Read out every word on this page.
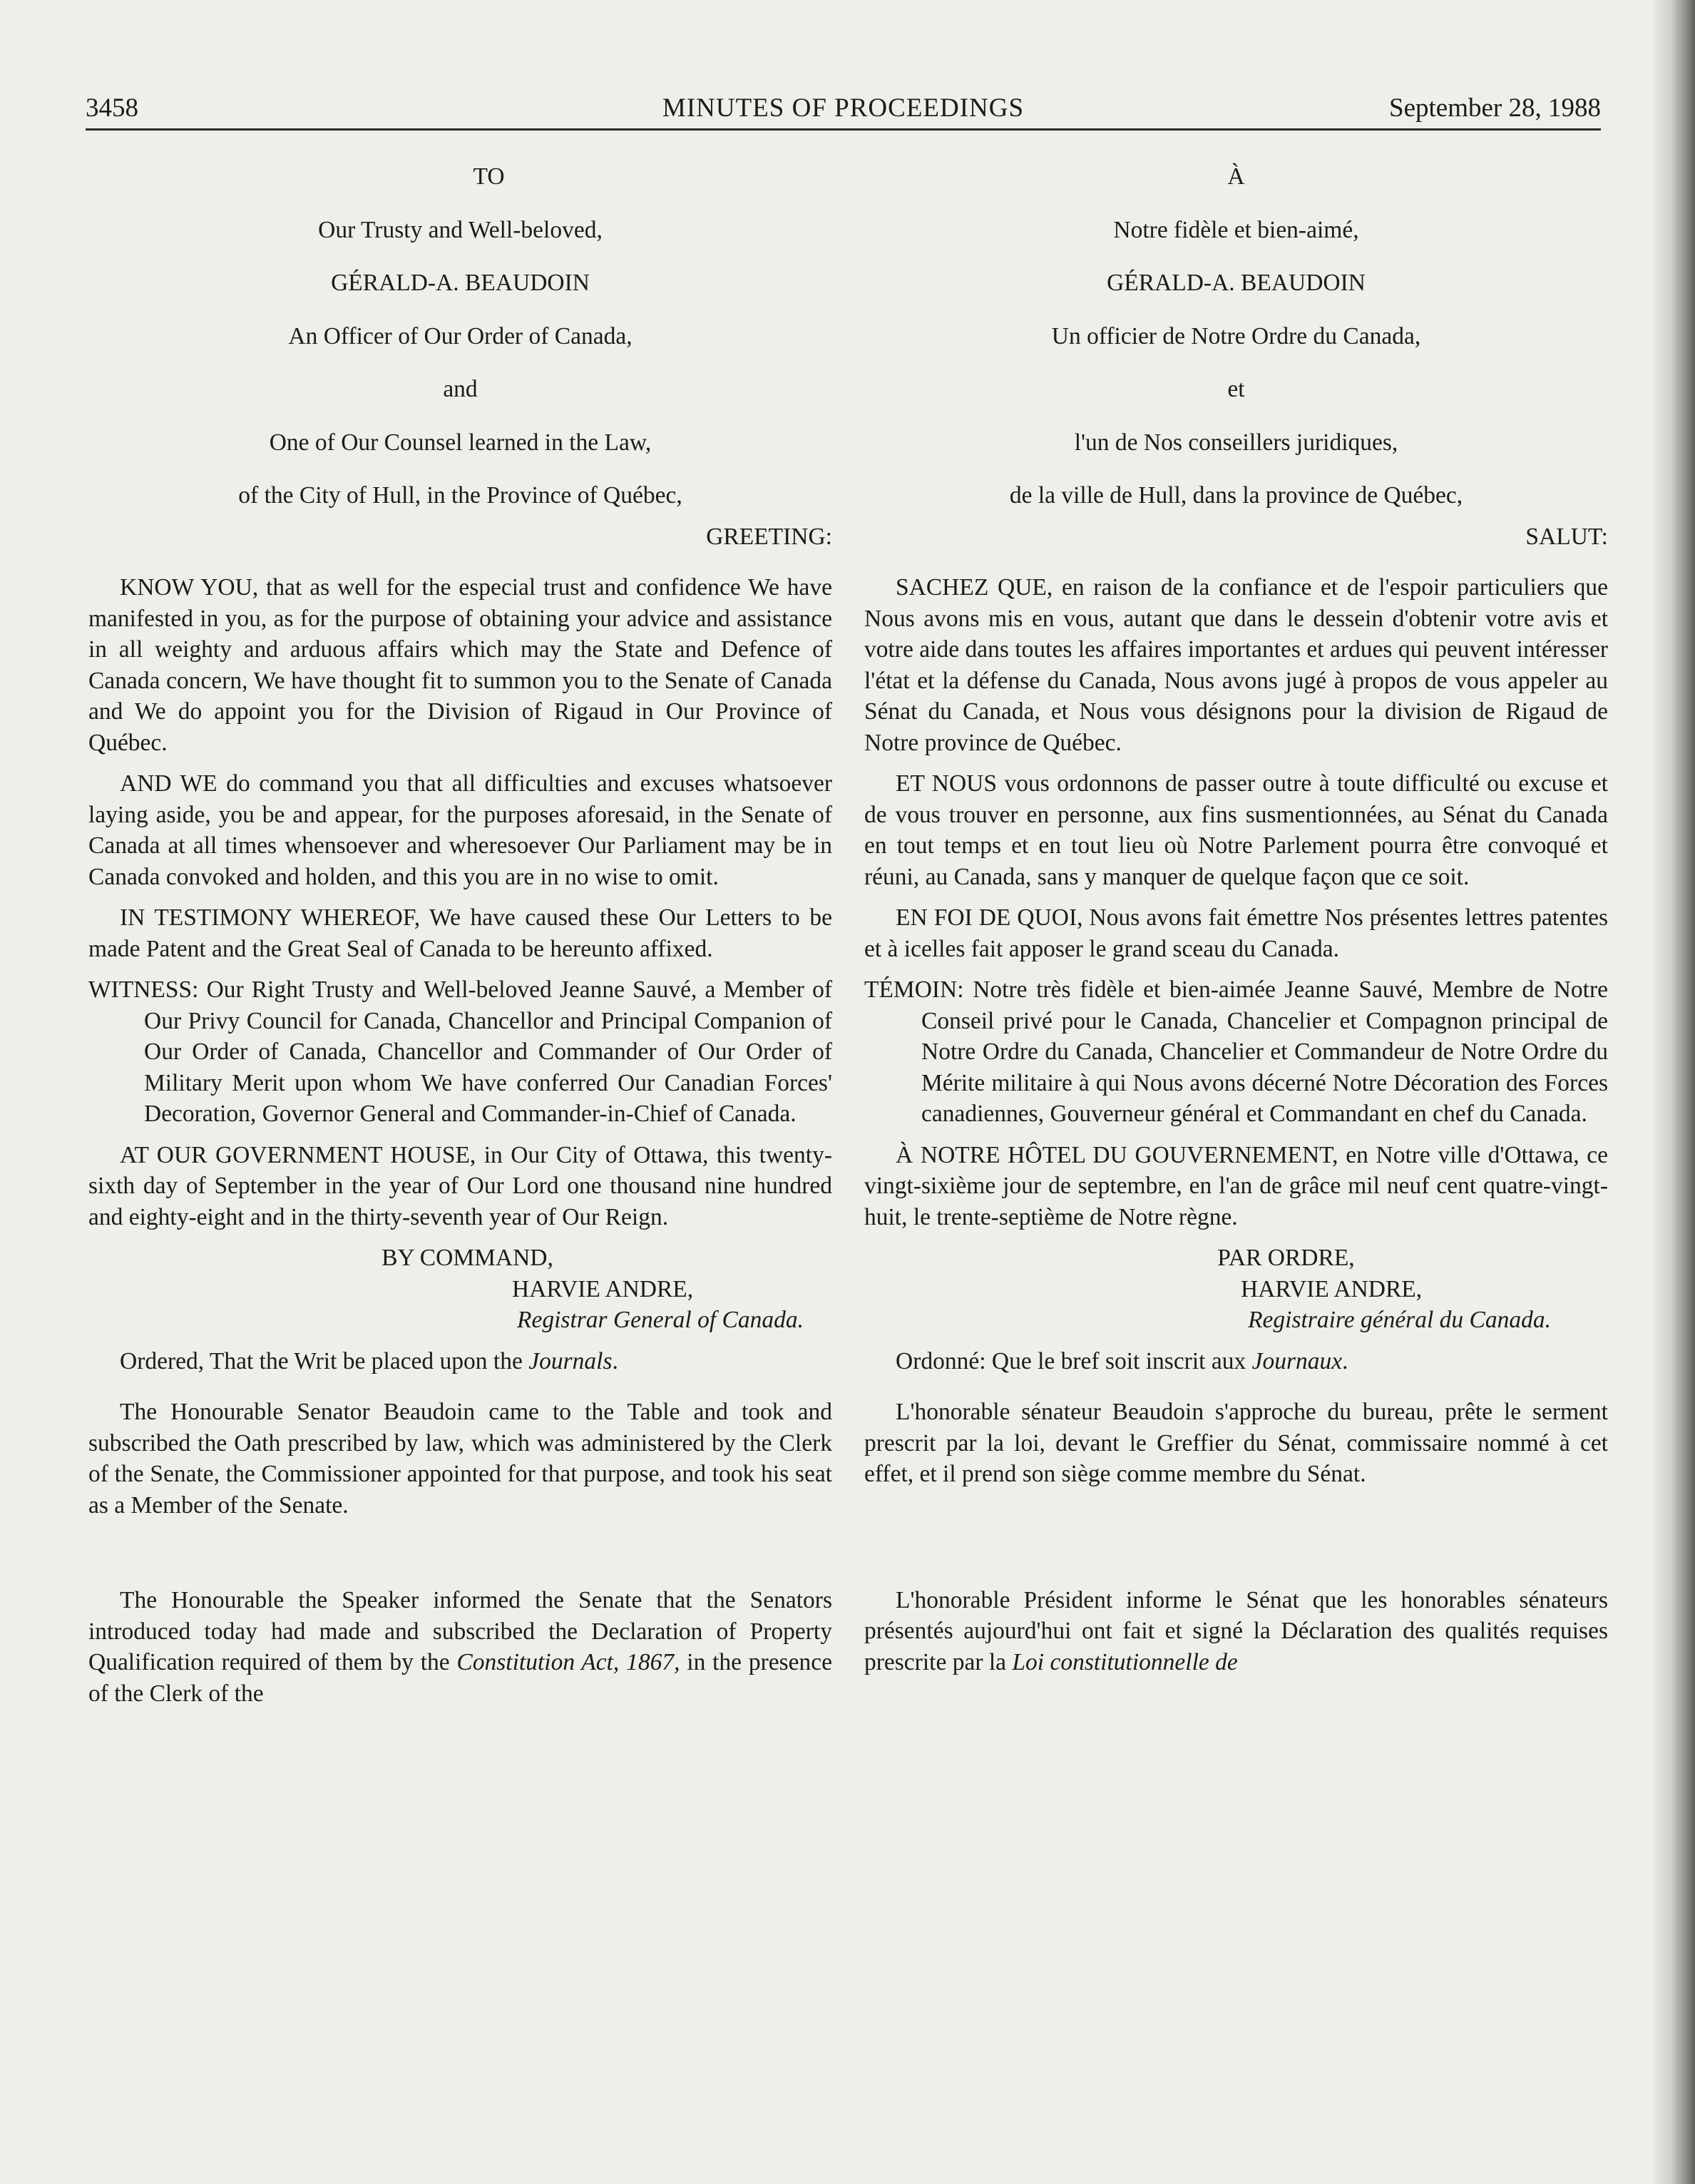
3458	MINUTES OF PROCEEDINGS	September 28, 1988

TO

Our Trusty and Well-beloved,

GÉRALD-A. BEAUDOIN

An Officer of Our Order of Canada,

and

One of Our Counsel learned in the Law,

of the City of Hull, in the Province of Québec,

GREETING:

KNOW YOU, that as well for the especial trust and confidence We have manifested in you, as for the purpose of obtaining your advice and assistance in all weighty and arduous affairs which may the State and Defence of Canada concern, We have thought fit to summon you to the Senate of Canada and We do appoint you for the Division of Rigaud in Our Province of Québec.

AND WE do command you that all difficulties and excuses whatsoever laying aside, you be and appear, for the purposes aforesaid, in the Senate of Canada at all times whensoever and wheresoever Our Parliament may be in Canada convoked and holden, and this you are in no wise to omit.

IN TESTIMONY WHEREOF, We have caused these Our Letters to be made Patent and the Great Seal of Canada to be hereunto affixed.

WITNESS: Our Right Trusty and Well-beloved Jeanne Sauvé, a Member of Our Privy Council for Canada, Chancellor and Principal Companion of Our Order of Canada, Chancellor and Commander of Our Order of Military Merit upon whom We have conferred Our Canadian Forces' Decoration, Governor General and Commander-in-Chief of Canada.

AT OUR GOVERNMENT HOUSE, in Our City of Ottawa, this twenty-sixth day of September in the year of Our Lord one thousand nine hundred and eighty-eight and in the thirty-seventh year of Our Reign.

BY COMMAND,

HARVIE ANDRE,

Registrar General of Canada.

Ordered, That the Writ be placed upon the Journals.

The Honourable Senator Beaudoin came to the Table and took and subscribed the Oath prescribed by law, which was administered by the Clerk of the Senate, the Commissioner appointed for that purpose, and took his seat as a Member of the Senate.

The Honourable the Speaker informed the Senate that the Senators introduced today had made and subscribed the Declaration of Property Qualification required of them by the Constitution Act, 1867, in the presence of the Clerk of the

À

Notre fidèle et bien-aimé,

GÉRALD-A. BEAUDOIN

Un officier de Notre Ordre du Canada,

et

l'un de Nos conseillers juridiques,

de la ville de Hull, dans la province de Québec,

SALUT:

SACHEZ QUE, en raison de la confiance et de l'espoir particuliers que Nous avons mis en vous, autant que dans le dessein d'obtenir votre avis et votre aide dans toutes les affaires importantes et ardues qui peuvent intéresser l'état et la défense du Canada, Nous avons jugé à propos de vous appeler au Sénat du Canada, et Nous vous désignons pour la division de Rigaud de Notre province de Québec.

ET NOUS vous ordonnons de passer outre à toute difficulté ou excuse et de vous trouver en personne, aux fins susmentionnées, au Sénat du Canada en tout temps et en tout lieu où Notre Parlement pourra être convoqué et réuni, au Canada, sans y manquer de quelque façon que ce soit.

EN FOI DE QUOI, Nous avons fait émettre Nos présentes lettres patentes et à icelles fait apposer le grand sceau du Canada.

TÉMOIN: Notre très fidèle et bien-aimée Jeanne Sauvé, Membre de Notre Conseil privé pour le Canada, Chancelier et Compagnon principal de Notre Ordre du Canada, Chancelier et Commandeur de Notre Ordre du Mérite militaire à qui Nous avons décerné Notre Décoration des Forces canadiennes, Gouverneur général et Commandant en chef du Canada.

À NOTRE HÔTEL DU GOUVERNEMENT, en Notre ville d'Ottawa, ce vingt-sixième jour de septembre, en l'an de grâce mil neuf cent quatre-vingt-huit, le trente-septième de Notre règne.

PAR ORDRE,

HARVIE ANDRE,

Registraire général du Canada.

Ordonné: Que le bref soit inscrit aux Journaux.

L'honorable sénateur Beaudoin s'approche du bureau, prête le serment prescrit par la loi, devant le Greffier du Sénat, commissaire nommé à cet effet, et il prend son siège comme membre du Sénat.

L'honorable Président informe le Sénat que les honorables sénateurs présentés aujourd'hui ont fait et signé la Déclaration des qualités requises prescrite par la Loi constitutionnelle de
